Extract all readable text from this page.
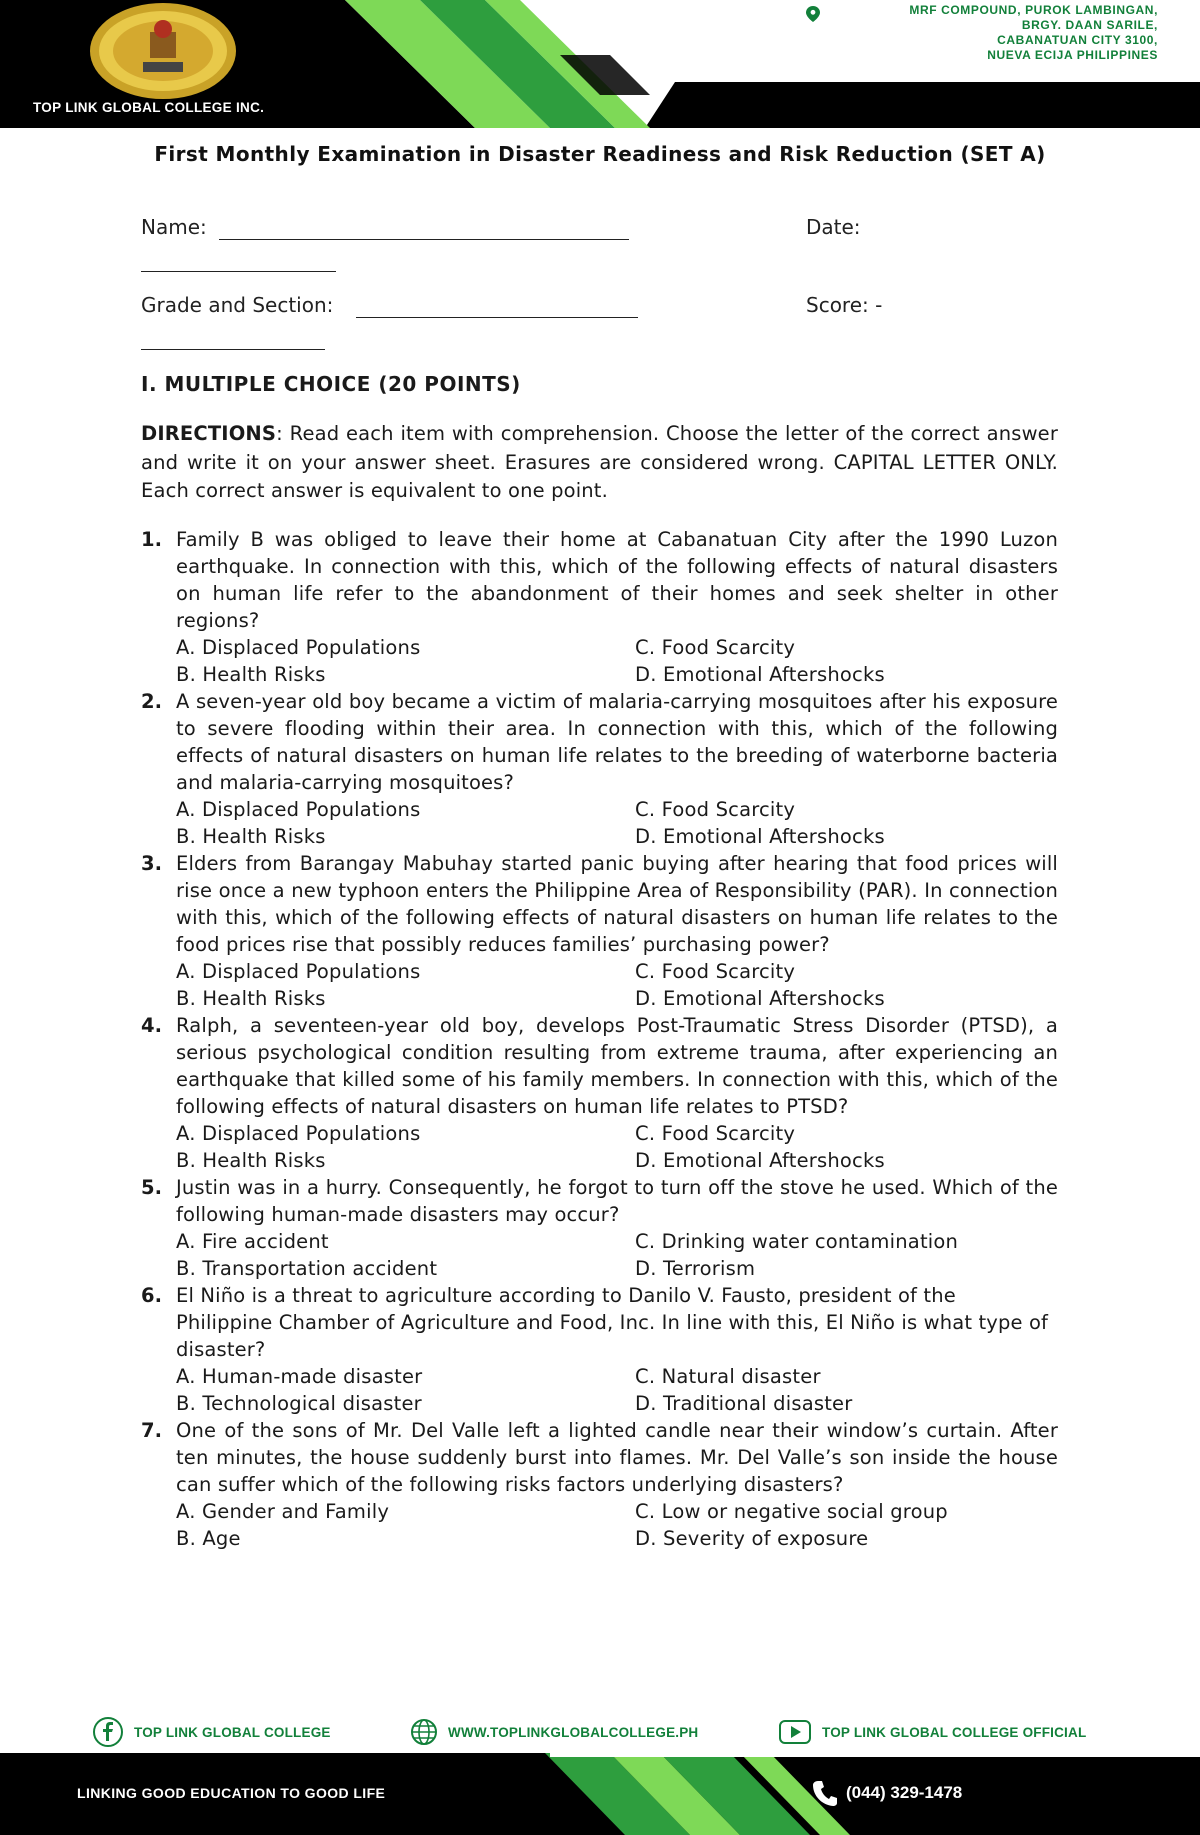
TOP LINK GLOBAL COLLEGE INC.
MRF COMPOUND, PUROK LAMBINGAN,
BRGY. DAAN SARILE,
CABANATUAN CITY 3100,
NUEVA ECIJA PHILIPPINES
First Monthly Examination in Disaster Readiness and Risk Reduction (SET A)
Name:	Date:
Grade and Section:	Score: -
I. MULTIPLE CHOICE (20 POINTS)
DIRECTIONS: Read each item with comprehension. Choose the letter of the correct answer and write it on your answer sheet. Erasures are considered wrong. CAPITAL LETTER ONLY. Each correct answer is equivalent to one point.
1. Family B was obliged to leave their home at Cabanatuan City after the 1990 Luzon earthquake. In connection with this, which of the following effects of natural disasters on human life refer to the abandonment of their homes and seek shelter in other regions?
A. Displaced Populations	C. Food Scarcity
B. Health Risks	D. Emotional Aftershocks
2. A seven-year old boy became a victim of malaria-carrying mosquitoes after his exposure to severe flooding within their area. In connection with this, which of the following effects of natural disasters on human life relates to the breeding of waterborne bacteria and malaria-carrying mosquitoes?
A. Displaced Populations	C. Food Scarcity
B. Health Risks	D. Emotional Aftershocks
3. Elders from Barangay Mabuhay started panic buying after hearing that food prices will rise once a new typhoon enters the Philippine Area of Responsibility (PAR). In connection with this, which of the following effects of natural disasters on human life relates to the food prices rise that possibly reduces families’ purchasing power?
A. Displaced Populations	C. Food Scarcity
B. Health Risks	D. Emotional Aftershocks
4. Ralph, a seventeen-year old boy, develops Post-Traumatic Stress Disorder (PTSD), a serious psychological condition resulting from extreme trauma, after experiencing an earthquake that killed some of his family members. In connection with this, which of the following effects of natural disasters on human life relates to PTSD?
A. Displaced Populations	C. Food Scarcity
B. Health Risks	D. Emotional Aftershocks
5. Justin was in a hurry. Consequently, he forgot to turn off the stove he used. Which of the following human-made disasters may occur?
A. Fire accident	C. Drinking water contamination
B. Transportation accident	D. Terrorism
6. El Niño is a threat to agriculture according to Danilo V. Fausto, president of the Philippine Chamber of Agriculture and Food, Inc. In line with this, El Niño is what type of disaster?
A. Human-made disaster	C. Natural disaster
B. Technological disaster	D. Traditional disaster
7. One of the sons of Mr. Del Valle left a lighted candle near their window’s curtain. After ten minutes, the house suddenly burst into flames. Mr. Del Valle’s son inside the house can suffer which of the following risks factors underlying disasters?
A. Gender and Family	C. Low or negative social group
B. Age	D. Severity of exposure
TOP LINK GLOBAL COLLEGE	WWW.TOPLINKGLOBALCOLLEGE.PH	TOP LINK GLOBAL COLLEGE OFFICIAL
LINKING GOOD EDUCATION TO GOOD LIFE	(044) 329-1478
